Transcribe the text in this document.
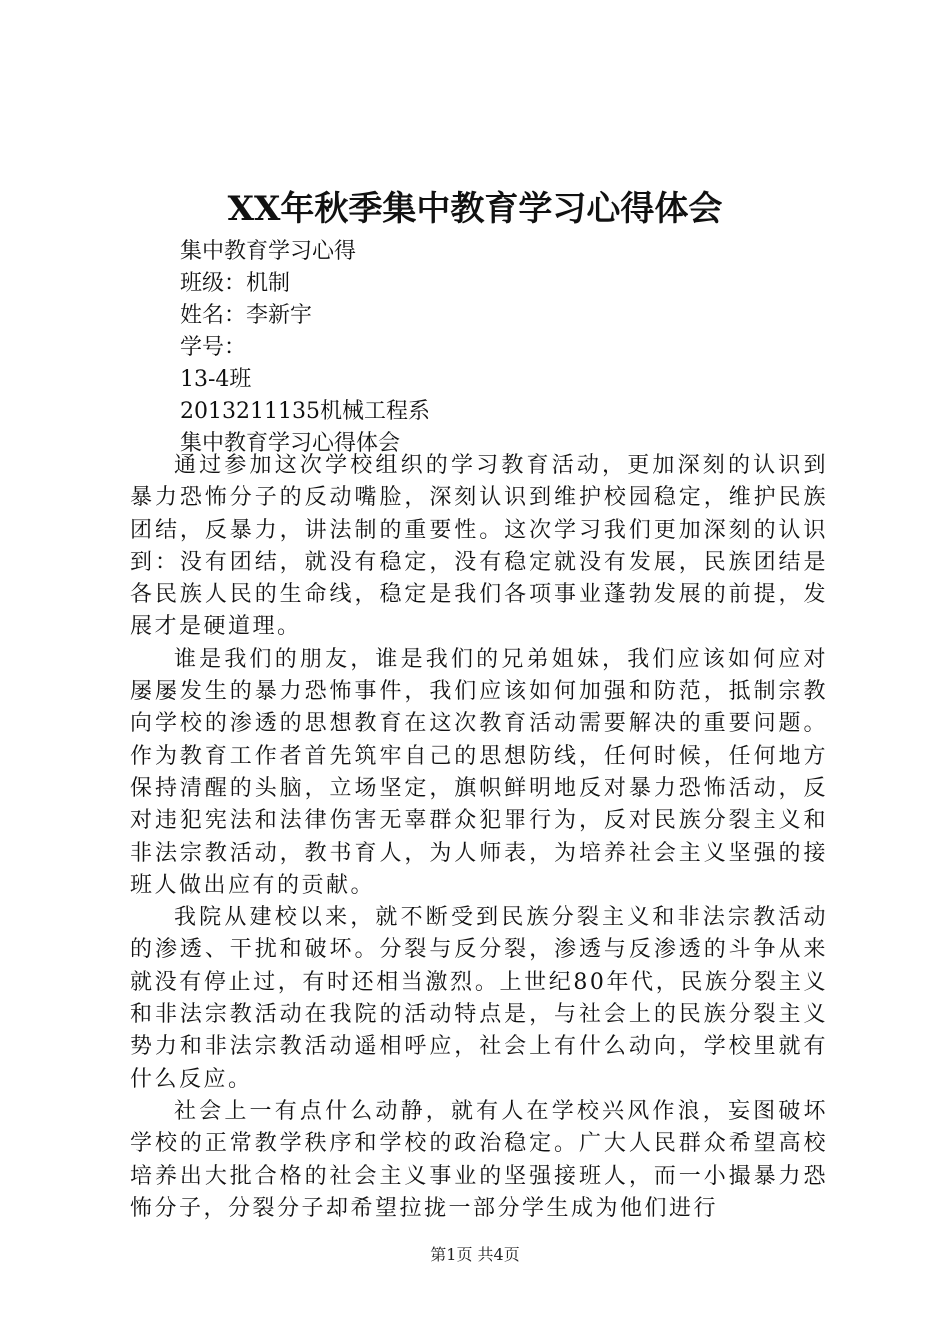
XX年秋季集中教育学习心得体会
集中教育学习心得
班级：机制
姓名：李新宇
学号：
13-4班
2013211135机械工程系
集中教育学习心得体会

通过参加这次学校组织的学习教育活动，更加深刻的认识到暴力恐怖分子的反动嘴脸，深刻认识到维护校园稳定，维护民族团结，反暴力，讲法制的重要性。这次学习我们更加深刻的认识到：没有团结，就没有稳定，没有稳定就没有发展，民族团结是各民族人民的生命线，稳定是我们各项事业蓬勃发展的前提，发展才是硬道理。

谁是我们的朋友，谁是我们的兄弟姐妹，我们应该如何应对屡屡发生的暴力恐怖事件，我们应该如何加强和防范，抵制宗教向学校的渗透的思想教育在这次教育活动需要解决的重要问题。作为教育工作者首先筑牢自己的思想防线，任何时候，任何地方保持清醒的头脑，立场坚定，旗帜鲜明地反对暴力恐怖活动，反对违犯宪法和法律伤害无辜群众犯罪行为，反对民族分裂主义和非法宗教活动，教书育人，为人师表，为培养社会主义坚强的接班人做出应有的贡献。

我院从建校以来，就不断受到民族分裂主义和非法宗教活动的渗透、干扰和破坏。分裂与反分裂，渗透与反渗透的斗争从来就没有停止过，有时还相当激烈。上世纪80年代，民族分裂主义和非法宗教活动在我院的活动特点是，与社会上的民族分裂主义势力和非法宗教活动遥相呼应，社会上有什么动向，学校里就有什么反应。

社会上一有点什么动静，就有人在学校兴风作浪，妄图破坏学校的正常教学秩序和学校的政治稳定。广大人民群众希望高校培养出大批合格的社会主义事业的坚强接班人，而一小撮暴力恐怖分子，分裂分子却希望拉拢一部分学生成为他们进行

第1页 共4页
